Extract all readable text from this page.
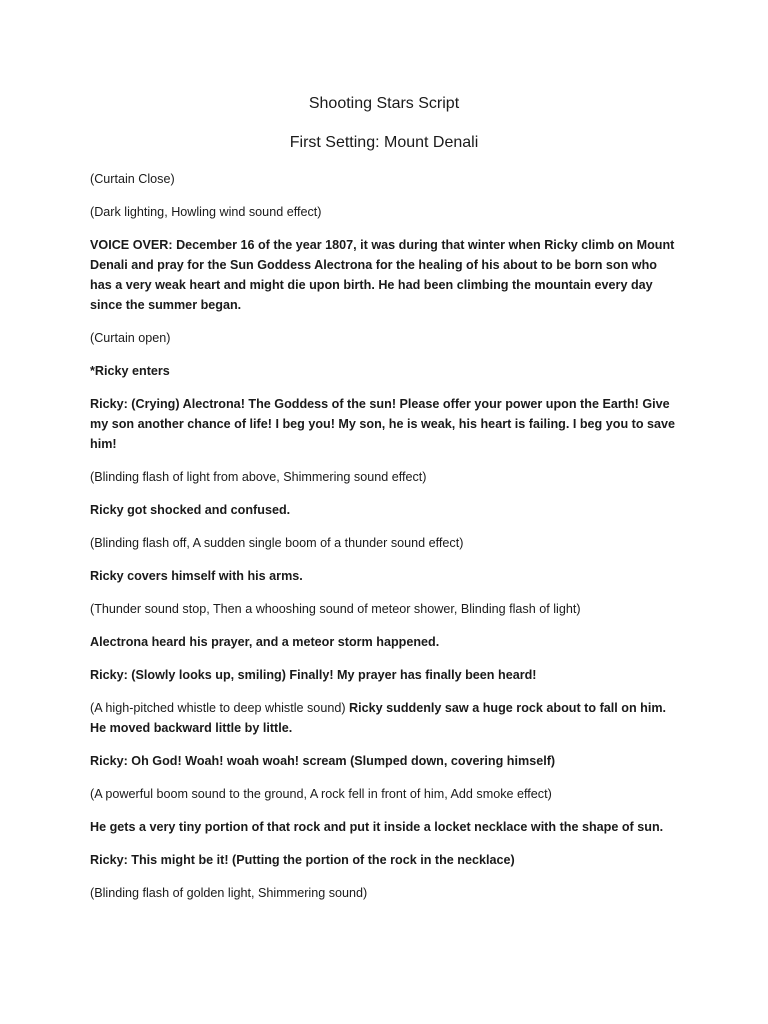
Shooting Stars Script
First Setting: Mount Denali

(Curtain Close)

(Dark lighting, Howling wind sound effect)

VOICE OVER: December 16 of the year 1807, it was during that winter when Ricky climb on Mount Denali and pray for the Sun Goddess Alectrona for the healing of his about to be born son who has a very weak heart and might die upon birth. He had been climbing the mountain every day since the summer began.

(Curtain open)

*Ricky enters

Ricky: (Crying) Alectrona! The Goddess of the sun! Please offer your power upon the Earth! Give my son another chance of life! I beg you! My son, he is weak, his heart is failing. I beg you to save him!

(Blinding flash of light from above, Shimmering sound effect)

Ricky got shocked and confused.

(Blinding flash off, A sudden single boom of a thunder sound effect)

Ricky covers himself with his arms.

(Thunder sound stop, Then a whooshing sound of meteor shower, Blinding flash of light)

Alectrona heard his prayer, and a meteor storm happened.

Ricky: (Slowly looks up, smiling) Finally! My prayer has finally been heard!

(A high-pitched whistle to deep whistle sound) Ricky suddenly saw a huge rock about to fall on him. He moved backward little by little.

Ricky: Oh God! Woah! woah woah! scream (Slumped down, covering himself)

(A powerful boom sound to the ground, A rock fell in front of him, Add smoke effect)

He gets a very tiny portion of that rock and put it inside a locket necklace with the shape of sun.

Ricky: This might be it! (Putting the portion of the rock in the necklace)

(Blinding flash of golden light, Shimmering sound)
